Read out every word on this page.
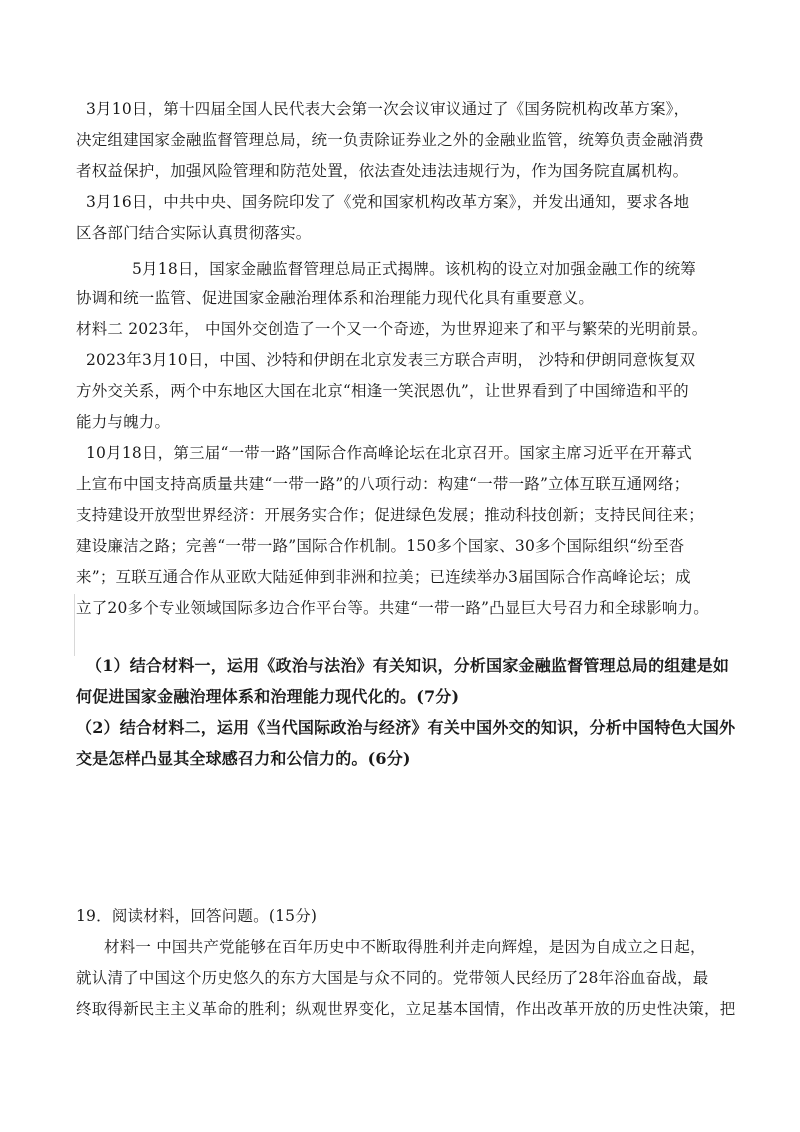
3月10日，第十四届全国人民代表大会第一次会议审议通过了《国务院机构改革方案》，
决定组建国家金融监督管理总局，统一负责除证券业之外的金融业监管，统筹负责金融消费
者权益保护，加强风险管理和防范处置，依法查处违法违规行为，作为国务院直属机构。
3月16日，中共中央、国务院印发了《党和国家机构改革方案》，并发出通知，要求各地
区各部门结合实际认真贯彻落实。
5月18日，国家金融监督管理总局正式揭牌。该机构的设立对加强金融工作的统筹
协调和统一监管、促进国家金融治理体系和治理能力现代化具有重要意义。
材料二 2023年， 中国外交创造了一个又一个奇迹，为世界迎来了和平与繁荣的光明前景。
2023年3月10日，中国、沙特和伊朗在北京发表三方联合声明， 沙特和伊朗同意恢复双
方外交关系，两个中东地区大国在北京“相逢一笑泯恩仇”，让世界看到了中国缔造和平的
能力与魄力。
10月18日，第三届“一带一路”国际合作高峰论坛在北京召开。国家主席习近平在开幕式
上宣布中国支持高质量共建“一带一路”的八项行动：构建“一带一路”立体互联互通网络；
支持建设开放型世界经济：开展务实合作；促进绿色发展；推动科技创新；支持民间往来；
建设廉洁之路；完善“一带一路”国际合作机制。150多个国家、30多个国际组织“纷至沓
来”；互联互通合作从亚欧大陆延伸到非洲和拉美；已连续举办3届国际合作高峰论坛；成
立了20多个专业领域国际多边合作平台等。共建“一带一路”凸显巨大号召力和全球影响力。
（1）结合材料一，运用《政治与法治》有关知识，分析国家金融监督管理总局的组建是如
何促进国家金融治理体系和治理能力现代化的。(7分)
（2）结合材料二，运用《当代国际政治与经济》有关中国外交的知识，分析中国特色大国外
交是怎样凸显其全球感召力和公信力的。(6分)
19．阅读材料，回答问题。(15分)
材料一 中国共产党能够在百年历史中不断取得胜利并走向辉煌，是因为自成立之日起，
就认清了中国这个历史悠久的东方大国是与众不同的。党带领人民经历了28年浴血奋战，最
终取得新民主主义革命的胜利；纵观世界变化，立足基本国情，作出改革开放的历史性决策，把
